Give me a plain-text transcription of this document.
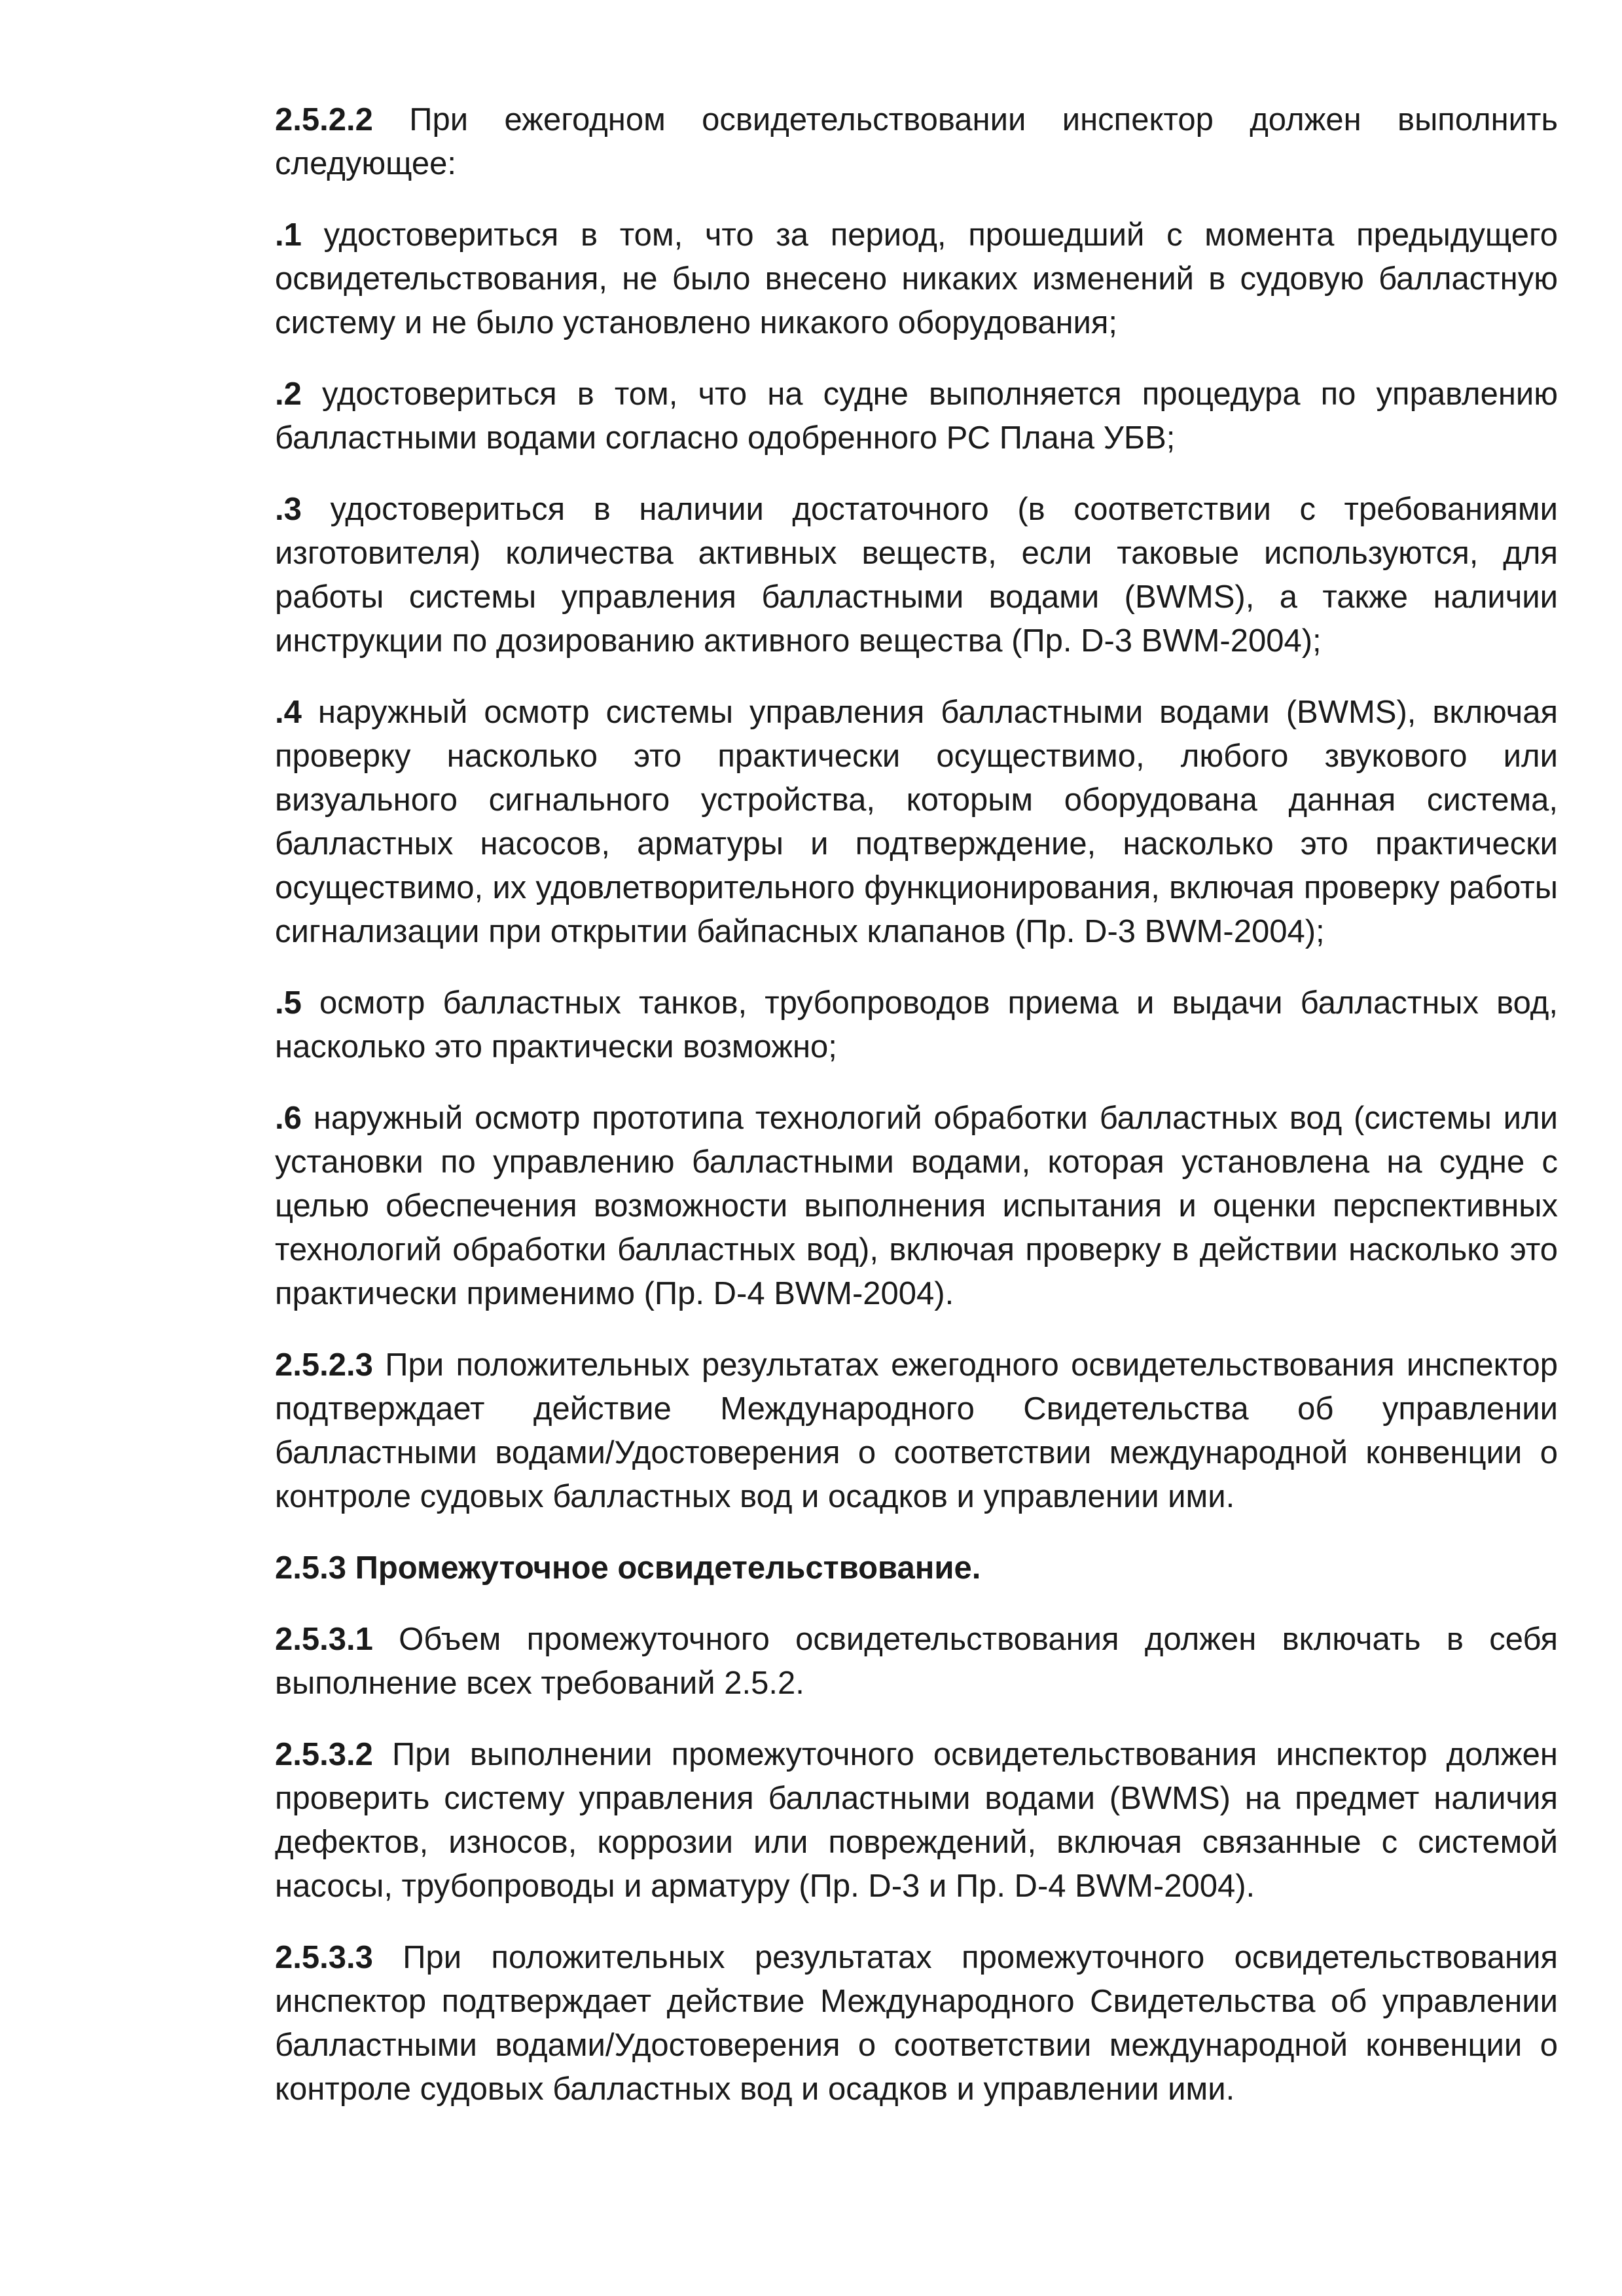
2.5.2.2 При ежегодном освидетельствовании инспектор должен выполнить следующее:

.1 удостовериться в том, что за период, прошедший с момента предыдущего освидетельствования, не было внесено никаких изменений в судовую балластную систему и не было установлено никакого оборудования;

.2 удостовериться в том, что на судне выполняется процедура по управлению балластными водами согласно одобренного РС Плана УБВ;

.3 удостовериться в наличии достаточного (в соответствии с требованиями изготовителя) количества активных веществ, если таковые используются, для работы системы управления балластными водами (BWMS), а также наличии инструкции по дозированию активного вещества (Пр. D-3 BWM-2004);

.4 наружный осмотр системы управления балластными водами (BWMS), включая проверку насколько это практически осуществимо, любого звукового или визуального сигнального устройства, которым оборудована данная система, балластных насосов, арматуры и подтверждение, насколько это практически осуществимо, их удовлетворительного функционирования, включая проверку работы сигнализации при открытии байпасных клапанов (Пр. D-3 BWM-2004);

.5 осмотр балластных танков, трубопроводов приема и выдачи балластных вод, насколько это практически возможно;

.6 наружный осмотр прототипа технологий обработки балластных вод (системы или установки по управлению балластными водами, которая установлена на судне с целью обеспечения возможности выполнения испытания и оценки перспективных технологий обработки балластных вод), включая проверку в действии насколько это практически применимо (Пр. D-4 BWM-2004).

2.5.2.3 При положительных результатах ежегодного освидетельствования инспектор подтверждает действие Международного Свидетельства об управлении балластными водами/Удостоверения о соответствии международной конвенции о контроле судовых балластных вод и осадков и управлении ими.

2.5.3 Промежуточное освидетельствование.

2.5.3.1 Объем промежуточного освидетельствования должен включать в себя выполнение всех требований 2.5.2.

2.5.3.2 При выполнении промежуточного освидетельствования инспектор должен проверить систему управления балластными водами (BWMS) на предмет наличия дефектов, износов, коррозии или повреждений, включая связанные с системой насосы, трубопроводы и арматуру (Пр. D-3 и Пр. D-4 BWM-2004).

2.5.3.3 При положительных результатах промежуточного освидетельствования инспектор подтверждает действие Международного Свидетельства об управлении балластными водами/Удостоверения о соответствии международной конвенции о контроле судовых балластных вод и осадков и управлении ими.
